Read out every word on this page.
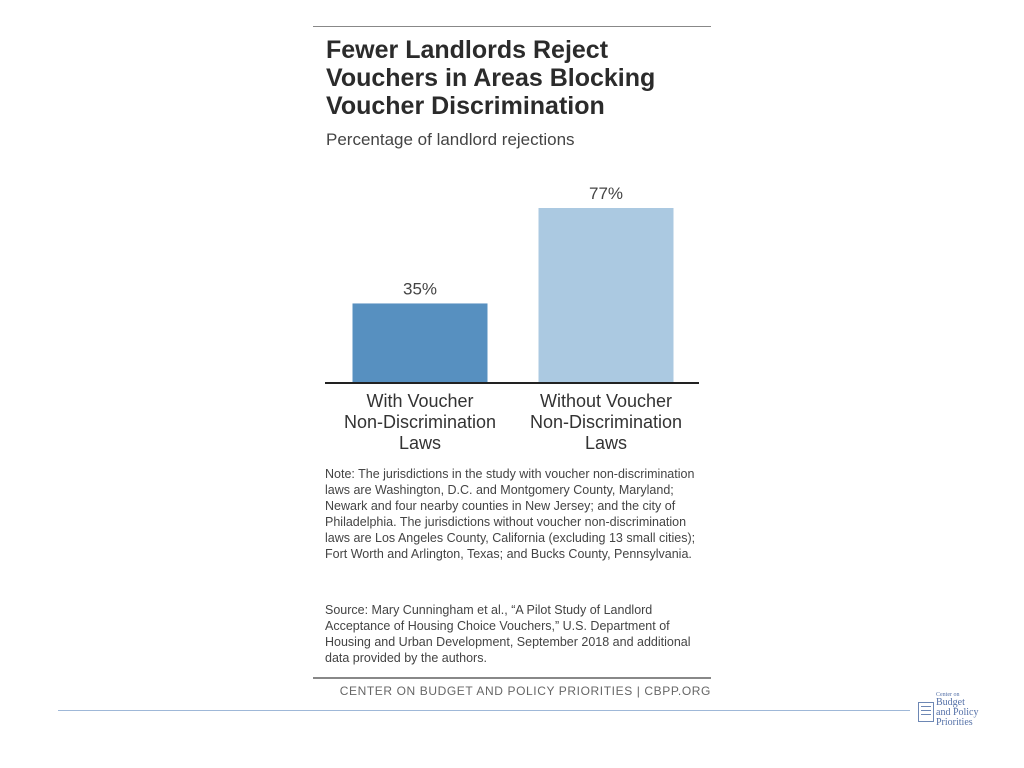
Fewer Landlords Reject Vouchers in Areas Blocking Voucher Discrimination
Percentage of landlord rejections
35%
With Voucher
Non-Discrimination
Laws
77%
Without Voucher
Non-Discrimination
Laws

Note: The jurisdictions in the study with voucher non-discrimination laws are Washington, D.C. and Montgomery County, Maryland; Newark and four nearby counties in New Jersey; and the city of Philadelphia. The jurisdictions without voucher non-discrimination laws are Los Angeles County, California (excluding 13 small cities); Fort Worth and Arlington, Texas; and Bucks County, Pennsylvania.

Source: Mary Cunningham et al., “A Pilot Study of Landlord Acceptance of Housing Choice Vouchers,” U.S. Department of Housing and Urban Development, September 2018 and additional data provided by the authors.

CENTER ON BUDGET AND POLICY PRIORITIES | CBPP.ORG	Center on
Budget
and Policy
Priorities
